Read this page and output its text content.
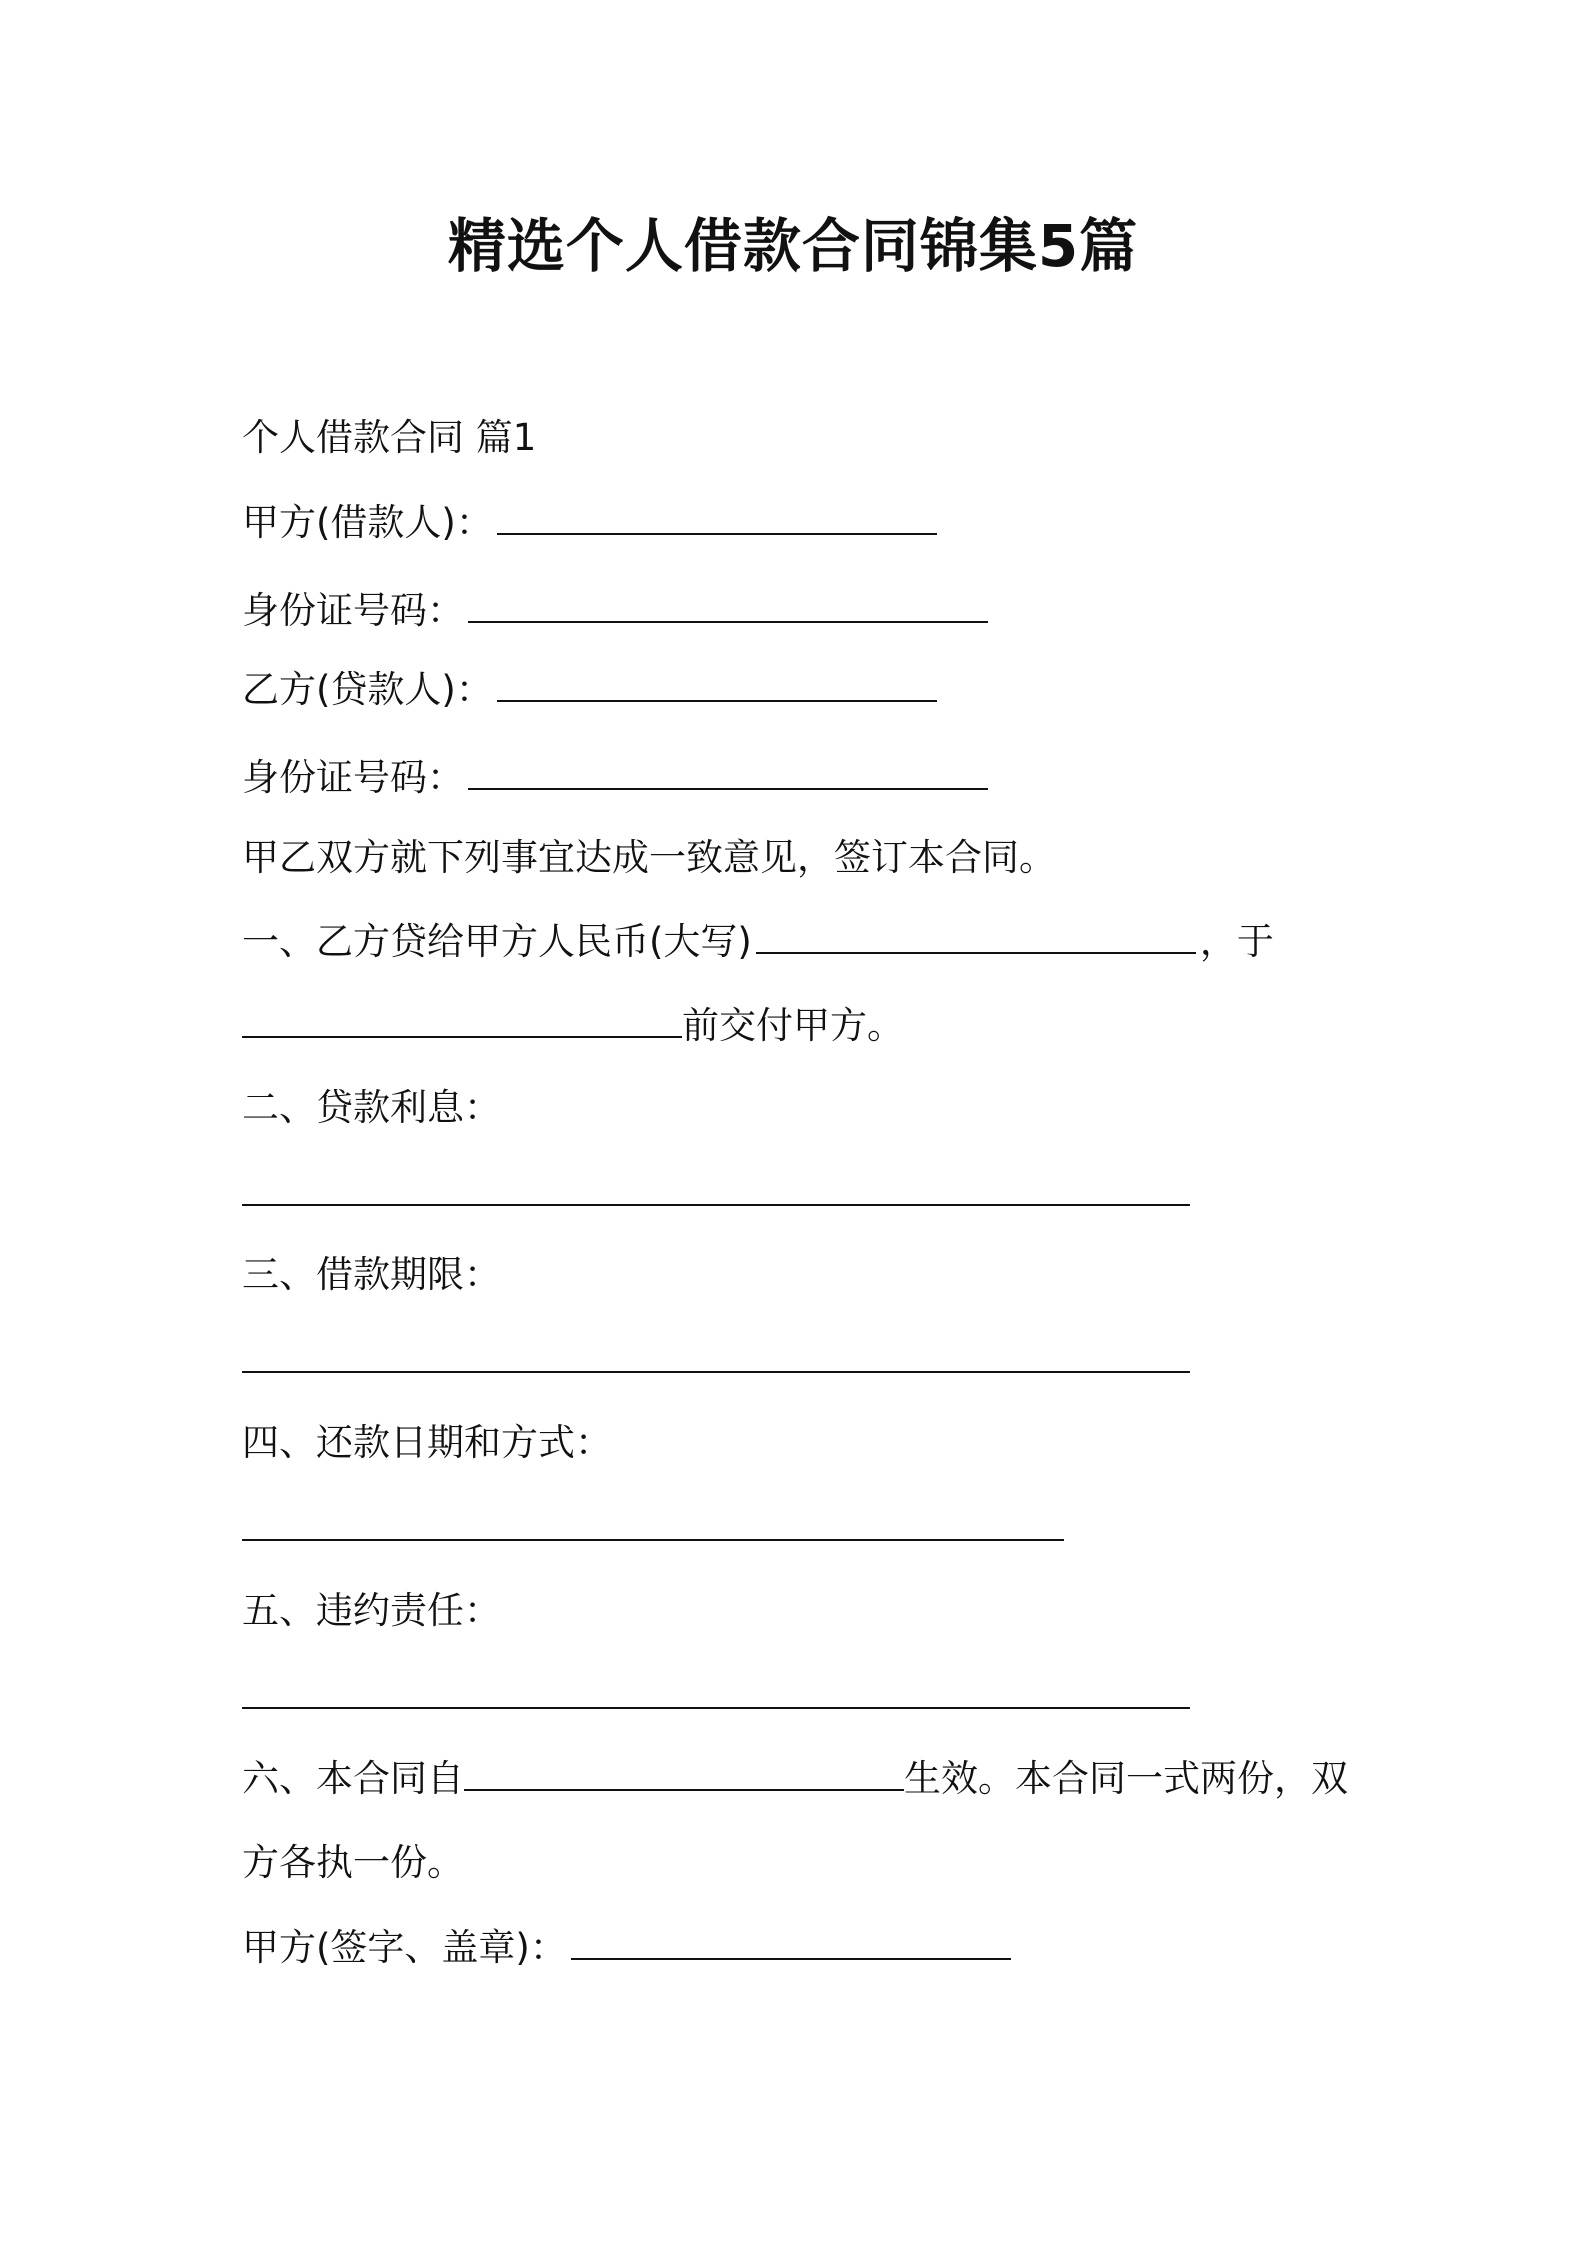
精选个人借款合同锦集5篇

个人借款合同 篇1

甲方(借款人)：

身份证号码：

乙方(贷款人)：

身份证号码：

甲乙双方就下列事宜达成一致意见，签订本合同。

一、乙方贷给甲方人民币(大写)	，于

前交付甲方。

二、贷款利息：

三、借款期限：

四、还款日期和方式：

五、违约责任：

六、本合同自	生效。本合同一式两份，双

方各执一份。

甲方(签字、盖章)：
